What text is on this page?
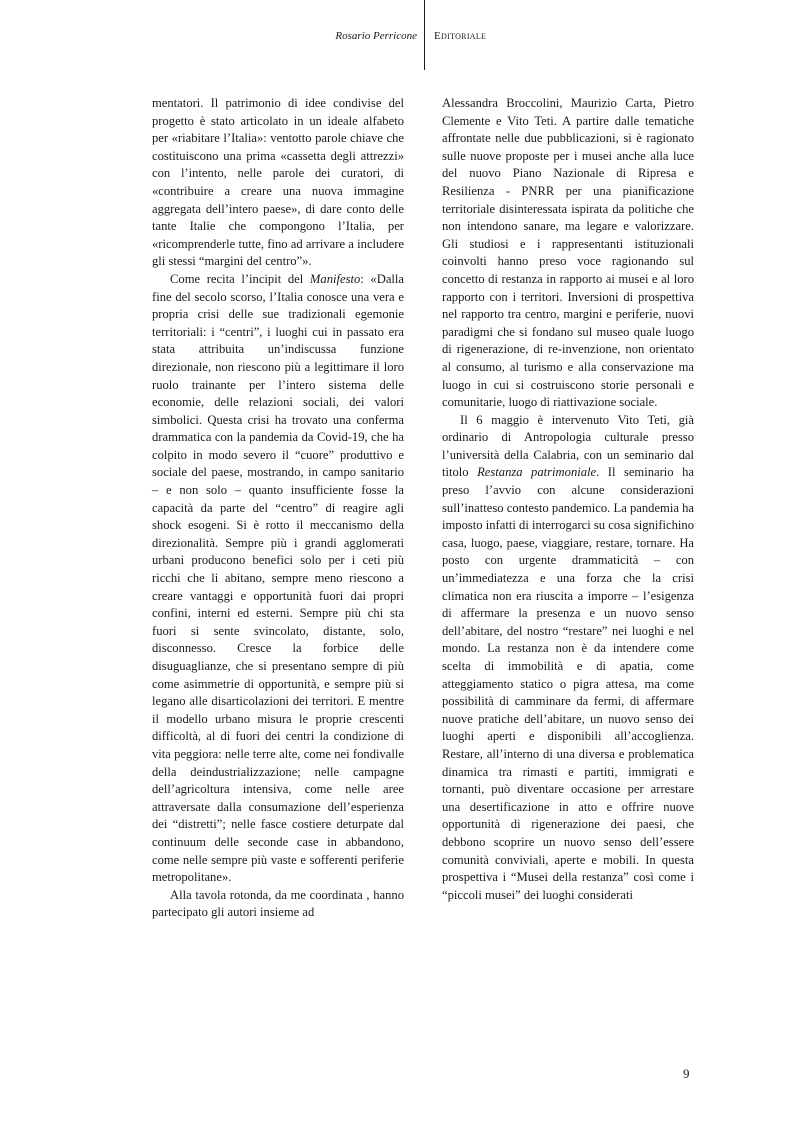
Rosario Perricone Editoriale

mentatori. Il patrimonio di idee condivise del progetto è stato articolato in un ideale alfabeto per «riabitare l’Italia»: ventotto parole chiave che costituiscono una prima «cassetta degli attrezzi» con l’intento, nelle parole dei curatori, di «contribuire a creare una nuova immagine aggregata dell’intero paese», di dare conto delle tante Italie che compongono l’Italia, per «ricomprenderle tutte, fino ad arrivare a includere gli stessi “margini del centro”».

Come recita l’incipit del Manifesto: «Dalla fine del secolo scorso, l’Italia conosce una vera e propria crisi delle sue tradizionali egemonie territoriali: i “centri”, i luoghi cui in passato era stata attribuita un’indiscussa funzione direzionale, non riescono più a legittimare il loro ruolo trainante per l’intero sistema delle economie, delle relazioni sociali, dei valori simbolici. Questa crisi ha trovato una conferma drammatica con la pandemia da Covid-19, che ha colpito in modo severo il “cuore” produttivo e sociale del paese, mostrando, in campo sanitario – e non solo – quanto insufficiente fosse la capacità da parte del “centro” di reagire agli shock esogeni. Si è rotto il meccanismo della direzionalità. Sempre più i grandi agglomerati urbani producono benefici solo per i ceti più ricchi che li abitano, sempre meno riescono a creare vantaggi e opportunità fuori dai propri confini, interni ed esterni. Sempre più chi sta fuori si sente svincolato, distante, solo, disconnesso. Cresce la forbice delle disuguaglianze, che si presentano sempre di più come asimmetrie di opportunità, e sempre più si legano alle disarticolazioni dei territori. E mentre il modello urbano misura le proprie crescenti difficoltà, al di fuori dei centri la condizione di vita peggiora: nelle terre alte, come nei fondivalle della deindustrializzazione; nelle campagne dell’agricoltura intensiva, come nelle aree attraversate dalla consumazione dell’esperienza dei “distretti”; nelle fasce costiere deturpate dal continuum delle seconde case in abbandono, come nelle sempre più vaste e sofferenti periferie metropolitane».

Alla tavola rotonda, da me coordinata , hanno partecipato gli autori insieme ad

Alessandra Broccolini, Maurizio Carta, Pietro Clemente e Vito Teti. A partire dalle tematiche affrontate nelle due pubblicazioni, si è ragionato sulle nuove proposte per i musei anche alla luce del nuovo Piano Nazionale di Ripresa e Resilienza - PNRR per una pianificazione territoriale disinteressata ispirata da politiche che non intendono sanare, ma legare e valorizzare. Gli studiosi e i rappresentanti istituzionali coinvolti hanno preso voce ragionando sul concetto di restanza in rapporto ai musei e al loro rapporto con i territori. Inversioni di prospettiva nel rapporto tra centro, margini e periferie, nuovi paradigmi che si fondano sul museo quale luogo di rigenerazione, di re-invenzione, non orientato al consumo, al turismo e alla conservazione ma luogo in cui si costruiscono storie personali e comunitarie, luogo di riattivazione sociale.

Il 6 maggio è intervenuto Vito Teti, già ordinario di Antropologia culturale presso l’università della Calabria, con un seminario dal titolo Restanza patrimoniale. Il seminario ha preso l’avvio con alcune considerazioni sull’inatteso contesto pandemico. La pandemia ha imposto infatti di interrogarci su cosa significhino casa, luogo, paese, viaggiare, restare, tornare. Ha posto con urgente drammaticità – con un’immediatezza e una forza che la crisi climatica non era riuscita a imporre – l’esigenza di affermare la presenza e un nuovo senso dell’abitare, del nostro “restare” nei luoghi e nel mondo. La restanza non è da intendere come scelta di immobilità e di apatia, come atteggiamento statico o pigra attesa, ma come possibilità di camminare da fermi, di affermare nuove pratiche dell’abitare, un nuovo senso dei luoghi aperti e disponibili all’accoglienza. Restare, all’interno di una diversa e problematica dinamica tra rimasti e partiti, immigrati e tornanti, può diventare occasione per arrestare una desertificazione in atto e offrire nuove opportunità di rigenerazione dei paesi, che debbono scoprire un nuovo senso dell’essere comunità conviviali, aperte e mobili. In questa prospettiva i “Musei della restanza” così come i “piccoli musei” dei luoghi considerati

9
